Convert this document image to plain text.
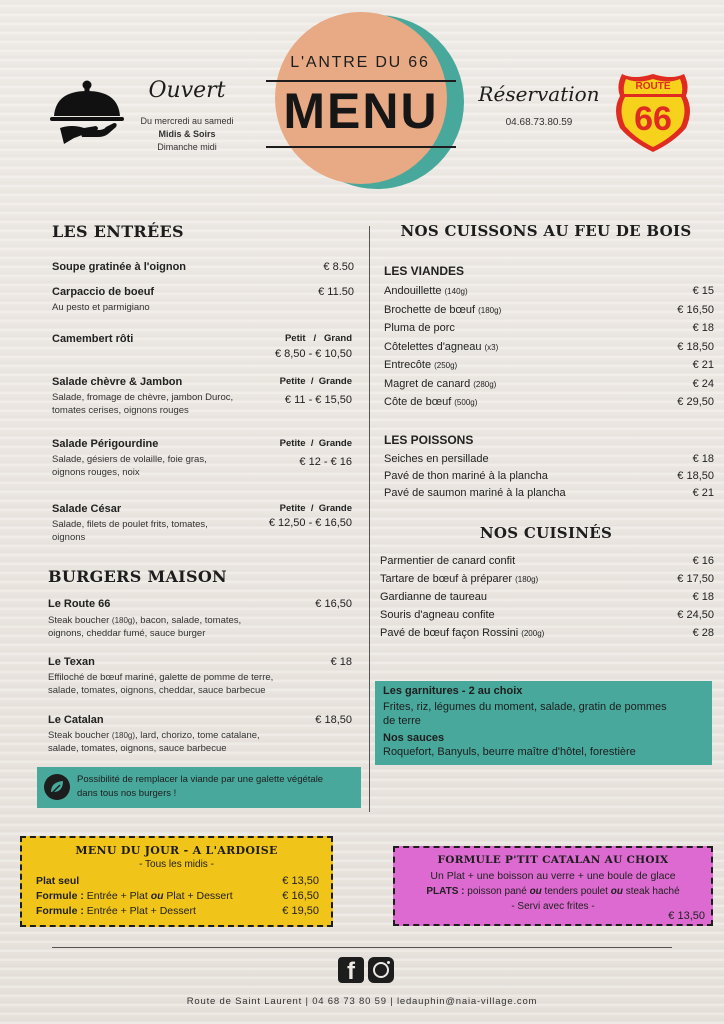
Ouvert
Du mercredi au samedi
Midis & Soirs
Dimanche midi
L'ANTRE DU 66
MENU	Réservation
04.68.73.80.59
ROUTE
66
LES ENTRÉES
Soupe gratinée à l'oignon	€ 8.50
Carpaccio de boeuf	€ 11.50
Au pesto et parmigiano
Camembert rôti	Petit   /   Grand
€ 8,50 - € 10,50
Salade chèvre & Jambon	Petite  /  Grande
Salade, fromage de chèvre, jambon Duroc,
tomates cerises, oignons rouges
€ 11 - € 15,50
Salade Périgourdine	Petite  /  Grande
Salade, gésiers de volaille, foie gras,
oignons rouges, noix
€ 12 - € 16
Salade César	Petite  /  Grande
Salade, filets de poulet frits, tomates,
oignons
€ 12,50 - € 16,50
BURGERS MAISON
Le Route 66	€ 16,50
Steak boucher (180g), bacon, salade, tomates,
oignons, cheddar fumé, sauce burger
Le Texan	€ 18
Effiloché de bœuf mariné, galette de pomme de terre,
salade, tomates, oignons, cheddar, sauce barbecue
Le Catalan	€ 18,50
Steak boucher (180g), lard, chorizo, tome catalane,
salade, tomates, oignons, sauce barbecue
Possibilité de remplacer la viande par une galette végétale
dans tous nos burgers !
NOS CUISSONS AU FEU DE BOIS
LES VIANDES
Andouillette (140g)	€ 15
Brochette de bœuf (180g)	€ 16,50
Pluma de porc	€ 18
Côtelettes d'agneau (x3)	€ 18,50
Entrecôte (250g)	€ 21
Magret de canard (280g)	€ 24
Côte de bœuf (500g)	€ 29,50
LES POISSONS
Seiches en persillade	€ 18
Pavé de thon mariné à la plancha	€ 18,50
Pavé de saumon mariné à la plancha	€ 21
NOS CUISINÉS
Parmentier de canard confit	€ 16
Tartare de bœuf à préparer (180g)	€ 17,50
Gardianne de taureau	€ 18
Souris d'agneau confite	€ 24,50
Pavé de bœuf façon Rossini (200g)	€ 28
Les garnitures - 2 au choix
Frites, riz, légumes du moment, salade, gratin de pommes
de terre
Nos sauces
Roquefort, Banyuls, beurre maître d'hôtel, forestière
MENU DU JOUR - A L'ARDOISE
- Tous les midis -
Plat seul	€ 13,50
Formule : Entrée + Plat ou Plat + Dessert	€ 16,50
Formule : Entrée + Plat + Dessert	€ 19,50
FORMULE P'TIT CATALAN AU CHOIX
Un Plat + une boisson au verre + une boule de glace
PLATS : poisson pané ou tenders poulet ou steak haché
- Servi avec frites -
€ 13,50
f
Route de Saint Laurent | 04 68 73 80 59 | ledauphin@naia-village.com
